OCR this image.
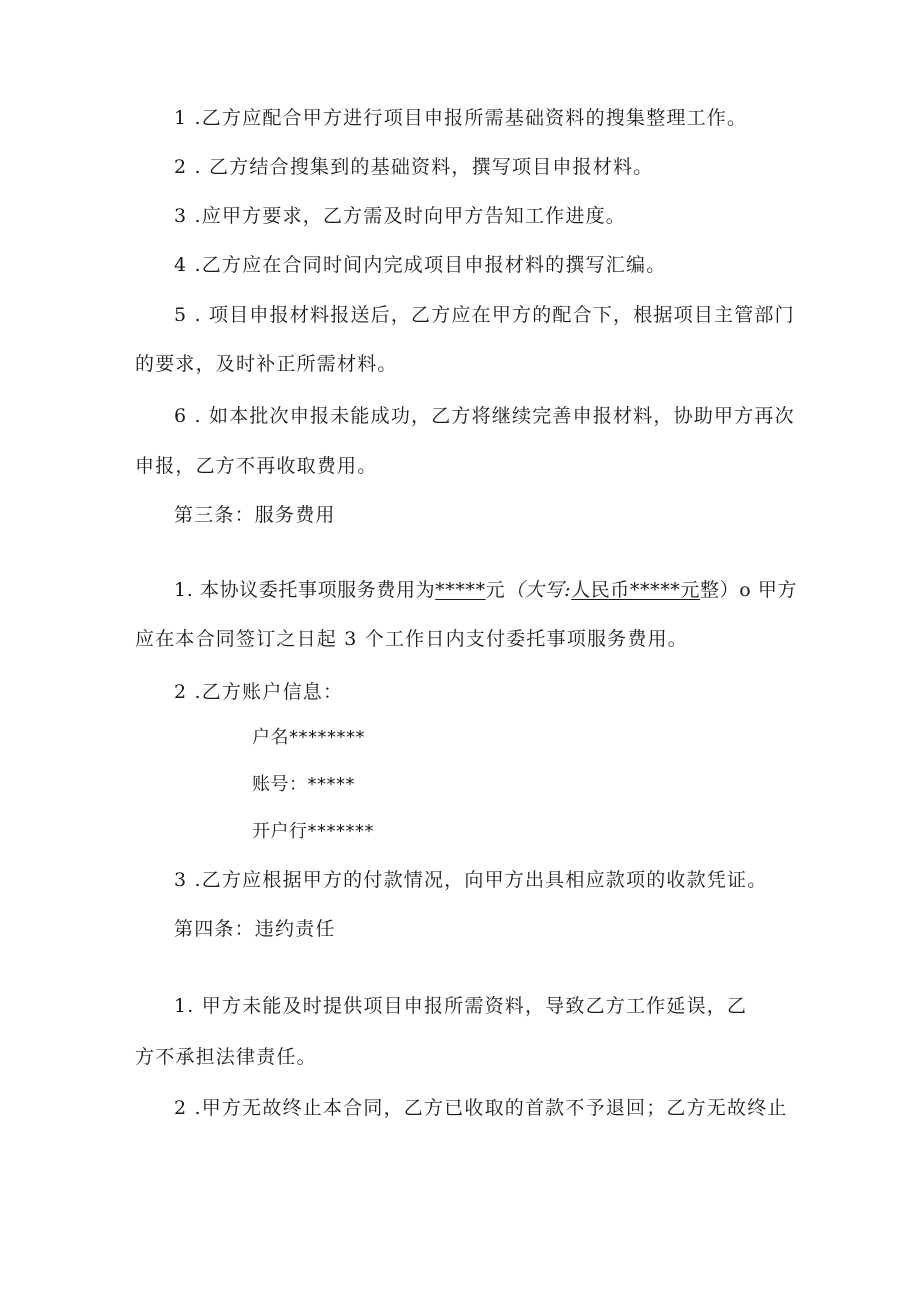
1 .乙方应配合甲方进行项目申报所需基础资料的搜集整理工作。
2 . 乙方结合搜集到的基础资料，撰写项目申报材料。
3 .应甲方要求，乙方需及时向甲方告知工作进度。
4 .乙方应在合同时间内完成项目申报材料的撰写汇编。
5 . 项目申报材料报送后，乙方应在甲方的配合下，根据项目主管部门
的要求，及时补正所需材料。
6 . 如本批次申报未能成功，乙方将继续完善申报材料，协助甲方再次
申报，乙方不再收取费用。
第三条：服务费用
1. 本协议委托事项服务费用为*****元（大写:人民币*****元整）o 甲方
应在本合同签订之日起 3 个工作日内支付委托事项服务费用。
2 .乙方账户信息：
户名********
账号：*****
开户行*******
3 .乙方应根据甲方的付款情况，向甲方出具相应款项的收款凭证。
第四条：违约责任
1. 甲方未能及时提供项目申报所需资料，导致乙方工作延误，乙
方不承担法律责任。
2 .甲方无故终止本合同，乙方已收取的首款不予退回；乙方无故终止
